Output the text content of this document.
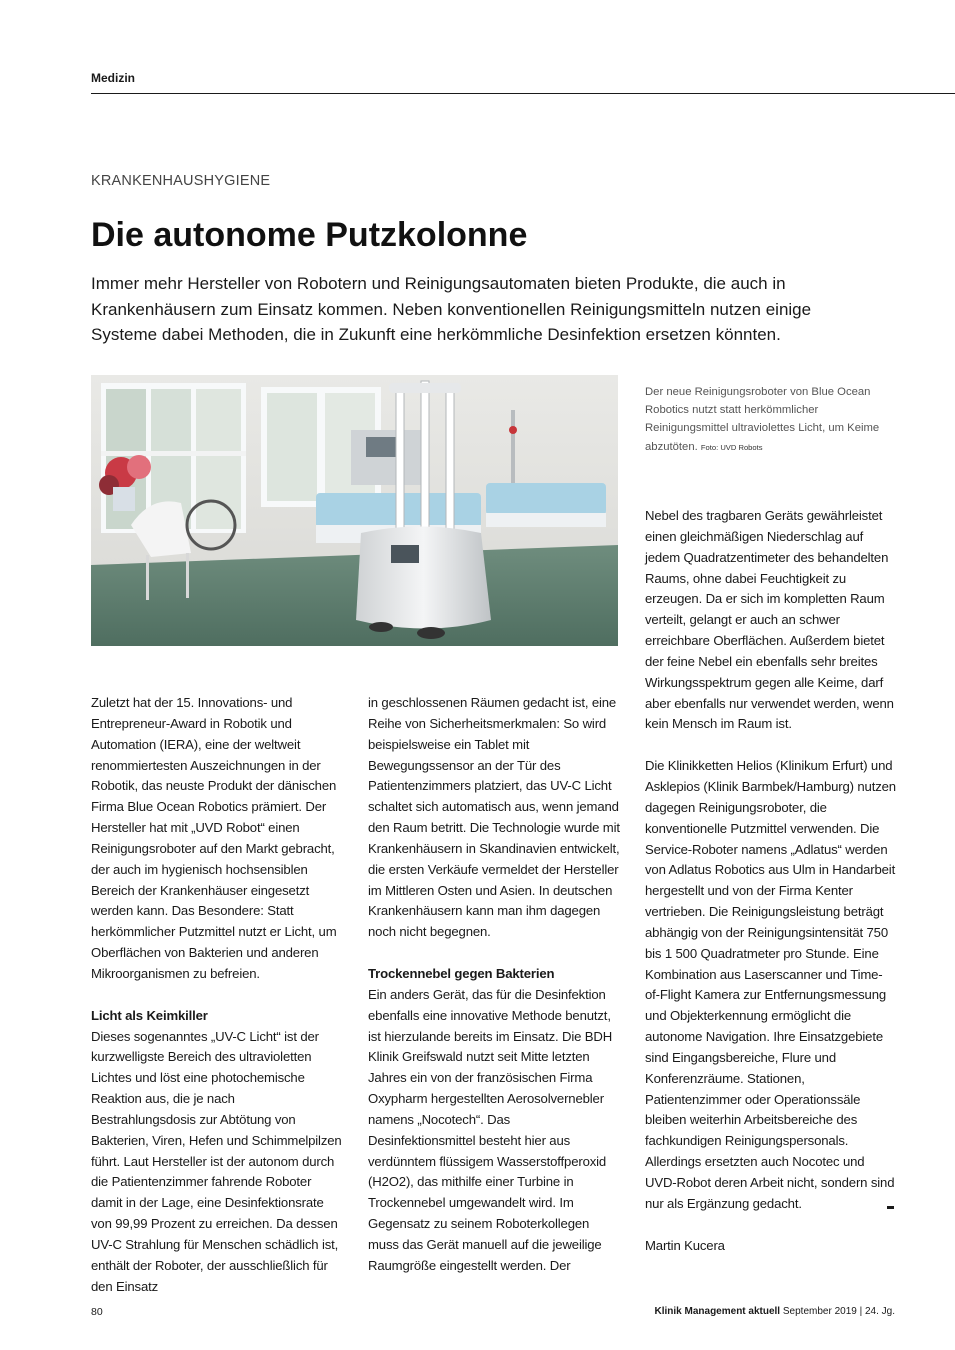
Medizin
KRANKENHAUSHYGIENE
Die autonome Putzkolonne

Immer mehr Hersteller von Robotern und Reinigungsautomaten bieten Produkte, die auch in Krankenhäusern zum Einsatz kommen. Neben konventionellen Reinigungsmitteln nutzen einige Systeme dabei Methoden, die in Zukunft eine herkömmliche Desinfektion ersetzen könnten.

Der neue Reinigungsroboter von Blue Ocean Robotics nutzt statt herkömmlicher Reinigungsmittel ultraviolettes Licht, um Keime abzutöten. Foto: UVD Robots

Zuletzt hat der 15. Innovations- und Entrepreneur-Award in Robotik und Automation (IERA), eine der weltweit renommiertesten Auszeichnungen in der Robotik, das neuste Produkt der dänischen Firma Blue Ocean Robotics prämiert. Der Hersteller hat mit „UVD Robot“ einen Reinigungsroboter auf den Markt gebracht, der auch im hygienisch hochsensiblen Bereich der Krankenhäuser eingesetzt werden kann. Das Besondere: Statt herkömmlicher Putzmittel nutzt er Licht, um Oberflächen von Bakterien und anderen Mikroorganismen zu befreien.

Licht als Keimkiller

Dieses sogenanntes „UV-C Licht“ ist der kurzwelligste Bereich des ultravioletten Lichtes und löst eine photochemische Reaktion aus, die je nach Bestrahlungsdosis zur Abtötung von Bakterien, Viren, Hefen und Schimmelpilzen führt. Laut Hersteller ist der autonom durch die Patientenzimmer fahrende Roboter damit in der Lage, eine Desinfektionsrate von 99,99 Prozent zu erreichen. Da dessen UV-C Strahlung für Menschen schädlich ist, enthält der Roboter, der ausschließlich für den Einsatz

in geschlossenen Räumen gedacht ist, eine Reihe von Sicherheitsmerkmalen: So wird beispielsweise ein Tablet mit Bewegungssensor an der Tür des Patientenzimmers platziert, das UV-C Licht schaltet sich automatisch aus, wenn jemand den Raum betritt. Die Technologie wurde mit Krankenhäusern in Skandinavien entwickelt, die ersten Verkäufe vermeldet der Hersteller im Mittleren Osten und Asien. In deutschen Krankenhäusern kann man ihm dagegen noch nicht begegnen.

Trockennebel gegen Bakterien

Ein anders Gerät, das für die Desinfektion ebenfalls eine innovative Methode benutzt, ist hierzulande bereits im Einsatz. Die BDH Klinik Greifswald nutzt seit Mitte letzten Jahres ein von der französischen Firma Oxypharm hergestellten Aerosolvernebler namens „Nocotech“. Das Desinfektionsmittel besteht hier aus verdünntem flüssigem Wasserstoffperoxid (H2O2), das mithilfe einer Turbine in Trockennebel umgewandelt wird. Im Gegensatz zu seinem Roboterkollegen muss das Gerät manuell auf die jeweilige Raumgröße eingestellt werden. Der

Nebel des tragbaren Geräts gewährleistet einen gleichmäßigen Niederschlag auf jedem Quadratzentimeter des behandelten Raums, ohne dabei Feuchtigkeit zu erzeugen. Da er sich im kompletten Raum verteilt, gelangt er auch an schwer erreichbare Oberflächen. Außerdem bietet der feine Nebel ein ebenfalls sehr breites Wirkungsspektrum gegen alle Keime, darf aber ebenfalls nur verwendet werden, wenn kein Mensch im Raum ist.

Die Klinikketten Helios (Klinikum Erfurt) und Asklepios (Klinik Barmbek/Hamburg) nutzen dagegen Reinigungsroboter, die konventionelle Putzmittel verwenden. Die Service-Roboter namens „Adlatus“ werden von Adlatus Robotics aus Ulm in Handarbeit hergestellt und von der Firma Kenter vertrieben. Die Reinigungsleistung beträgt abhängig von der Reinigungsintensität 750 bis 1 500 Quadratmeter pro Stunde. Eine Kombination aus Laserscanner und Time-of-Flight Kamera zur Entfernungsmessung und Objekterkennung ermöglicht die autonome Navigation. Ihre Einsatzgebiete sind Eingangsbereiche, Flure und Konferenzräume. Stationen, Patientenzimmer oder Operationssäle bleiben weiterhin Arbeitsbereiche des fachkundigen Reinigungspersonals. Allerdings ersetzten auch Nocotec und UVD-Robot deren Arbeit nicht, sondern sind nur als Ergänzung gedacht.

Martin Kucera

80	Klinik Management aktuell September 2019 | 24. Jg.
